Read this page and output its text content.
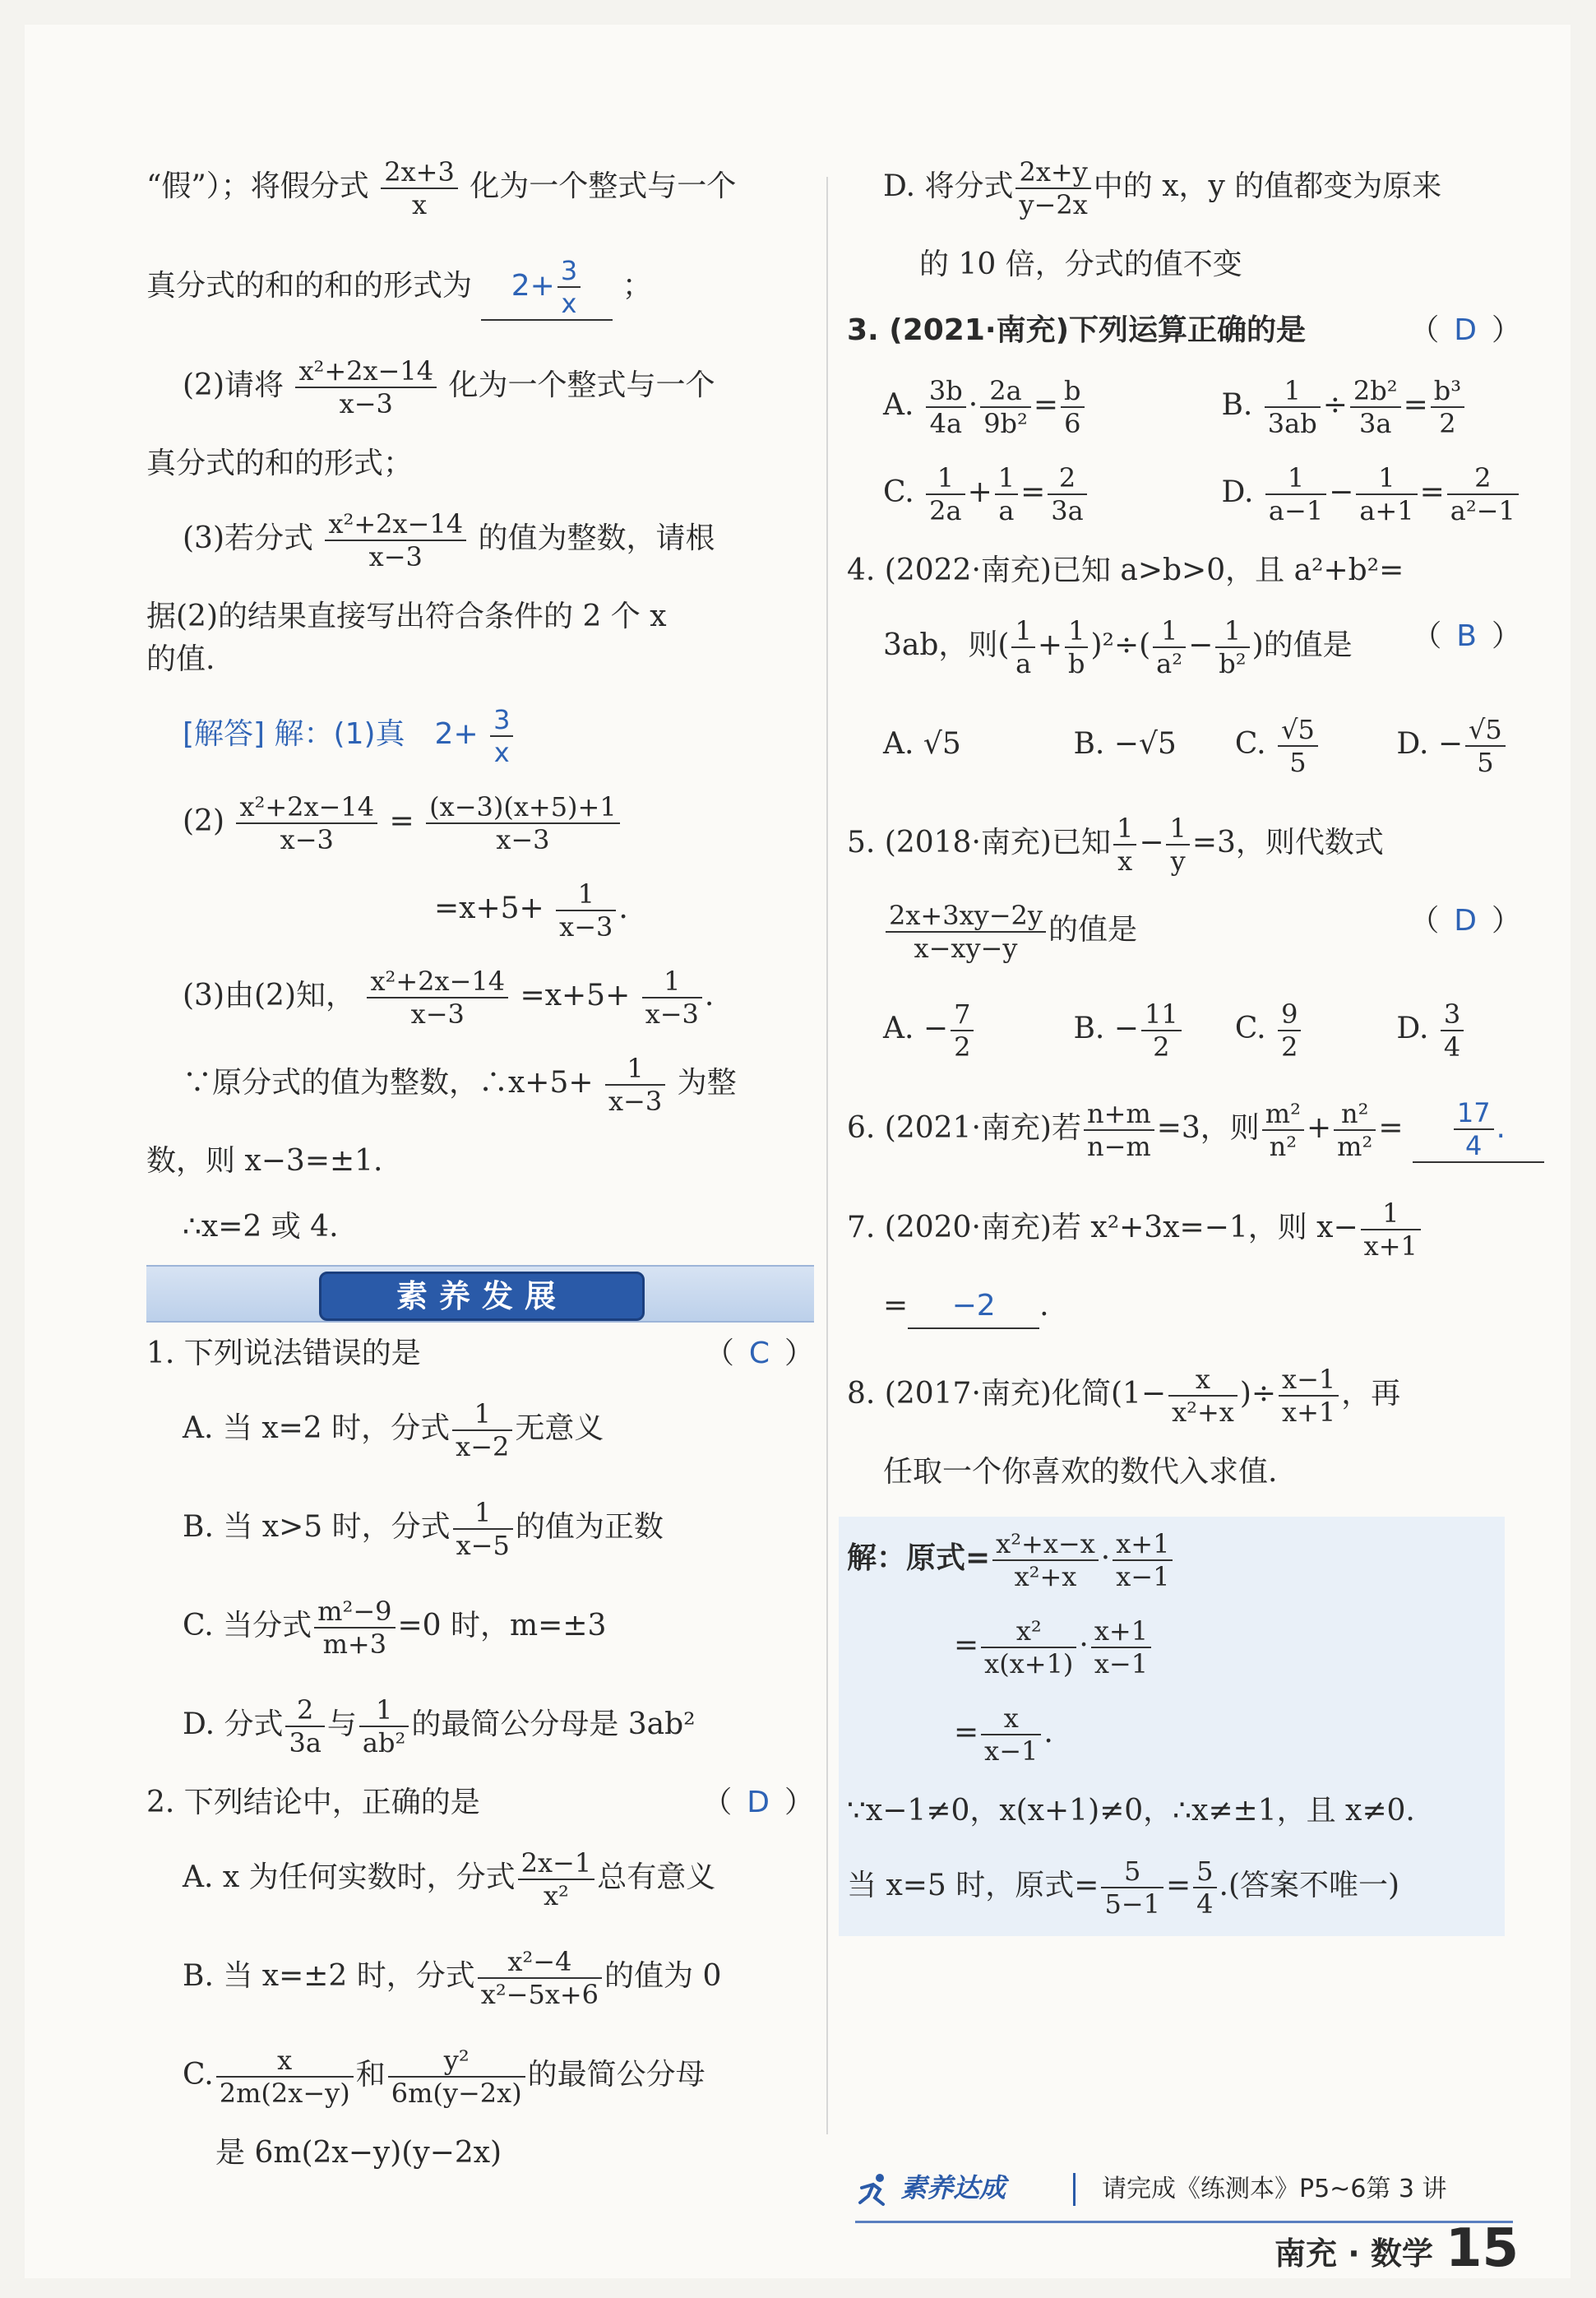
“假”）；将假分式 $\frac{2x+3}{x}$ 化为一个整式与一个
真分式的和的和的形式为 $2+ \frac{3}{x}$ ；
(2)请将 $\frac{\text{x²+2x−14}}{x-3}$ 化为一个整式与一个
真分式的和的形式；
(3)若分式 $\frac{\text{x²+2x−14}}{x-3}$ 的值为整数，请根
据(2)的结果直接写出符合条件的 2 个 x
的值.
[解答] 解：(1)真　$2+ \frac{3}{x}$
$(2) \frac{\text{x²+2x−14}}{x-3} = \frac{(x-3)(x+5)+1}{x-3}$
$=x+5+ \frac{1}{x-3}$ .
(3)由(2)知， $\frac{\text{x²+2x−14}}{x-3} =x+5+ \frac{1}{x-3}$ .
∵原分式的值为整数，∴x+5+ $\frac{1}{x-3}$ 为整
数，则 x−3=±1.
∴x=2 或 4.
素养发展
1. 下列说法错误的是	（ C ）
A. 当 x=2 时，分式 $\frac{1}{x-2}$ 无意义
B. 当 x>5 时，分式 $\frac{1}{x-5}$ 的值为正数
C. 当分式 $\frac{\text{m²−9}}{m+3} =0$ 时，m=±3
D. 分式 $\frac{2}{3a}$ 与 $\frac{1}{\text{ab²}}$ 的最简公分母是 3ab²
2. 下列结论中，正确的是	（ D ）
A. x 为任何实数时，分式 $\frac{2x-1}{\text{x²}}$ 总有意义
B. 当 x=±2 时，分式 $\frac{\text{x²−4}}{\text{x²−5x+6}}$ 的值为 0
C. $\frac{x}{2m(2x-y)}$ 和 $\frac{\text{y²}}{6m(y-2x)}$ 的最简公分母
是 6m(2x−y)(y−2x)
D. 将分式 $\frac{2x+y}{y-2x}$ 中的 x，y 的值都变为原来
的 10 倍，分式的值不变
3. (2021·南充)下列运算正确的是	（ D ）
A. $\frac{3b}{4a} \cdot \frac{2a}{\text{9b²}} = \frac{b}{6}$	B. $\frac{1}{3ab} \div \frac{\text{2b²}}{3a} = \frac{\text{b³}}{2}$
C. $\frac{1}{2a} + \frac{1}{a} = \frac{2}{3a}$	D. $\frac{1}{a-1} - \frac{1}{a+1} = \frac{2}{\text{a²−1}}$
4. (2022·南充)已知 a>b>0，且 a²+b²=
3ab，则( $\frac{1}{a} + \frac{1}{b} )^2\div( \frac{1}{\text{a²}} - \frac{1}{\text{b²}}$ )的值是 （ B ）
A. √5	B. −√5 C. $\frac{√5}{5}$	D. − $\frac{√5}{5}$
5. (2018·南充)已知 $\frac{1}{x} - \frac{1}{y} =3$，则代数式
$\frac{2x+3xy-2y}{x-xy-y}$ 的值是	（ D ）
A. − $\frac{7}{2}$	B. − $\frac{11}{2} C$. $\frac{9}{2}$	D. $\frac{3}{4}$
6. (2021·南充)若 $\frac{n+m}{n-m} =3$，则 $\frac{\text{m²}}{\text{n²}} + \frac{\text{n²}}{\text{m²}} = \frac{17}{4}$ .
7. (2020·南充)若 x²+3x=−1，则 $x- \frac{1}{x+1}$
= −2 .
8. (2017·南充)化简($1- \frac{x}{\text{x²+x}}$ )÷ $\frac{x-1}{x+1}$ ，再
任取一个你喜欢的数代入求值.
解：原式= $\frac{\text{x²+x−x}}{\text{x²+x}} \cdot \frac{x+1}{x-1}$
= $\frac{\text{x²}}{x(x+1)} \cdot \frac{x+1}{x-1}$
= $\frac{x}{x-1}$ .
∵x−1≠0，x(x+1)≠0，∴x≠±1，且 x≠0.
当 x=5 时，原式= $\frac{5}{5-1} = \frac{5}{4}$ .(答案不唯一)
素养达成	请完成《练测本》P5~6第 3 讲
南充 · 数学 15
